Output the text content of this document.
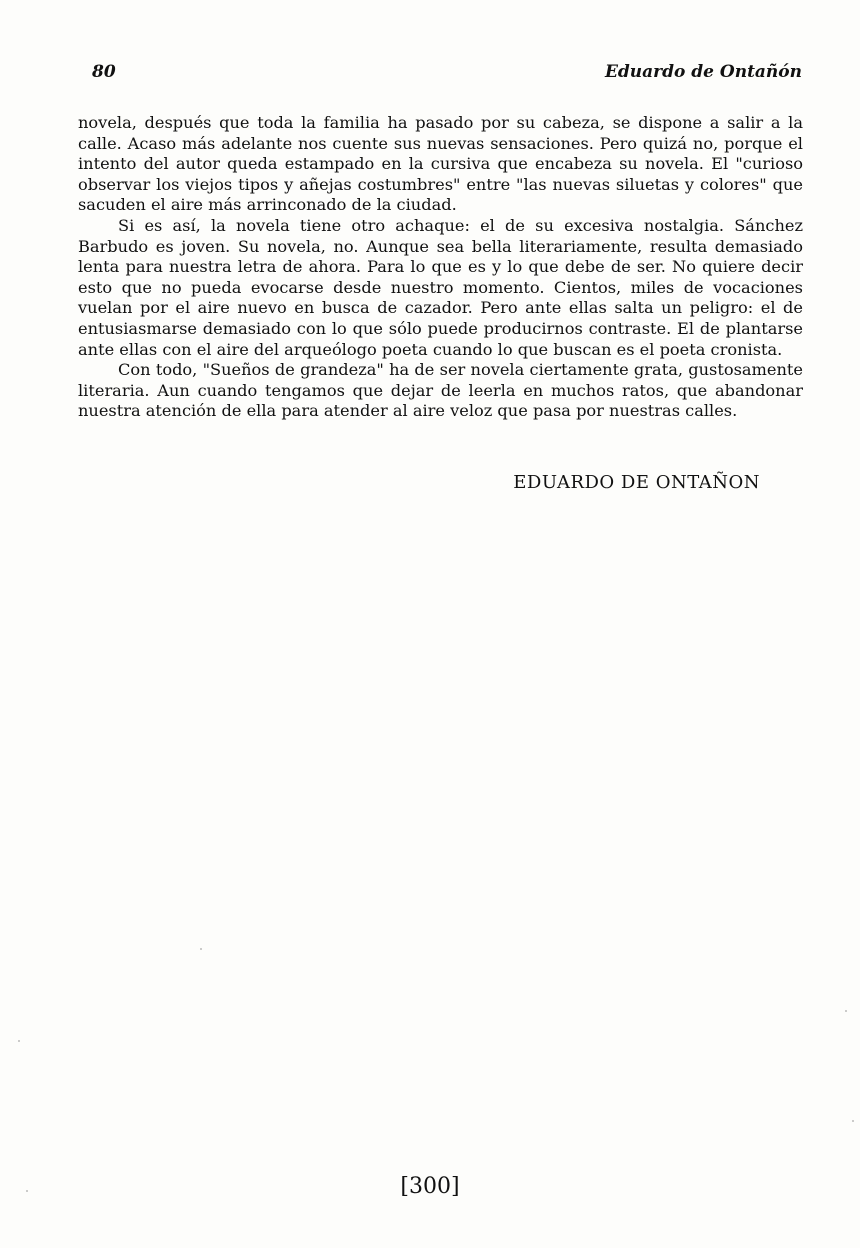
80	Eduardo de Ontañón

novela, después que toda la familia ha pasado por su cabeza, se dispone a salir a la calle. Acaso más adelante nos cuente sus nuevas sensaciones. Pero quizá no, porque el intento del autor queda estampado en la cursiva que encabeza su novela. El "curioso observar los viejos tipos y añejas costumbres" entre "las nuevas siluetas y colores" que sacuden el aire más arrinconado de la ciudad.

Si es así, la novela tiene otro achaque: el de su excesiva nostalgia. Sánchez Barbudo es joven. Su novela, no. Aunque sea bella literariamente, resulta demasiado lenta para nuestra letra de ahora. Para lo que es y lo que debe de ser. No quiere decir esto que no pueda evocarse desde nuestro momento. Cientos, miles de vocaciones vuelan por el aire nuevo en busca de cazador. Pero ante ellas salta un peligro: el de entusiasmarse demasiado con lo que sólo puede producirnos contraste. El de plantarse ante ellas con el aire del arqueólogo poeta cuando lo que buscan es el poeta cronista.

Con todo, "Sueños de grandeza" ha de ser novela ciertamente grata, gustosamente literaria. Aun cuando tengamos que dejar de leerla en muchos ratos, que abandonar nuestra atención de ella para atender al aire veloz que pasa por nuestras calles.

EDUARDO DE ONTAÑON
[300]
